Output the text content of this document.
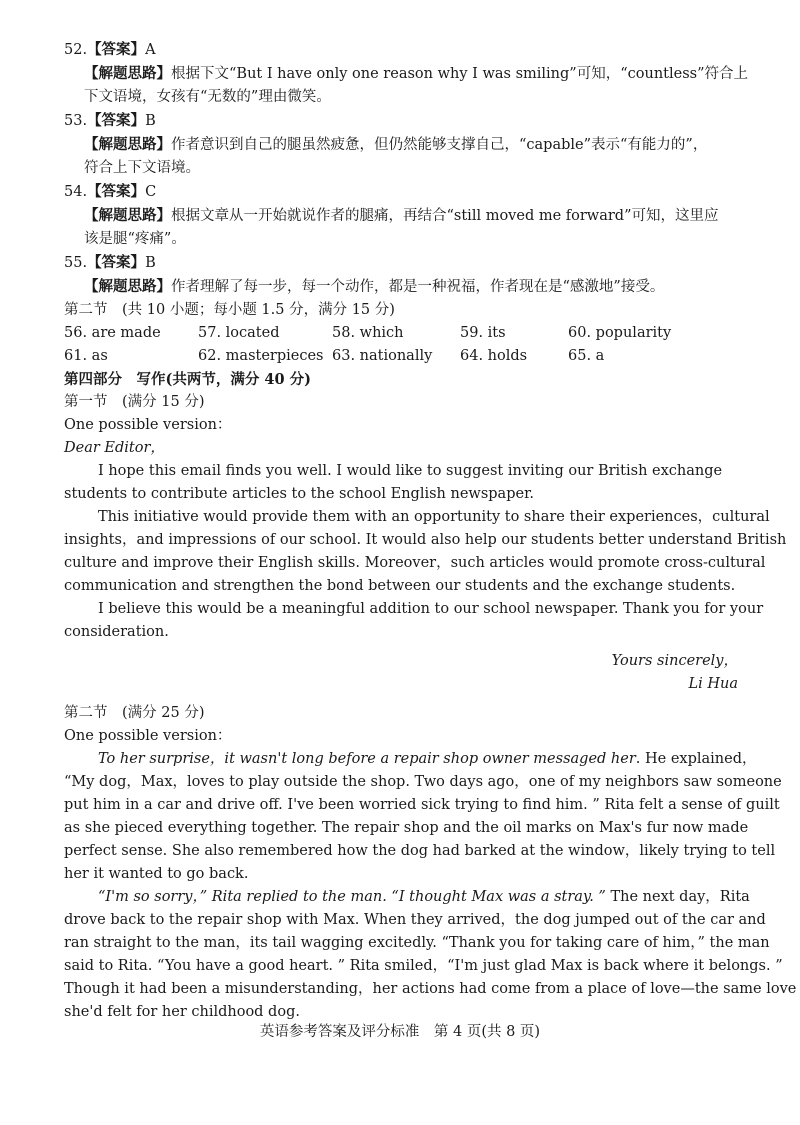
52.【答案】A
【解题思路】根据下文“But I have only one reason why I was smiling”可知，“countless”符合上
下文语境，女孩有“无数的”理由微笑。
53.【答案】B
【解题思路】作者意识到自己的腿虽然疲惫，但仍然能够支撑自己，“capable”表示“有能力的”，
符合上下文语境。
54.【答案】C
【解题思路】根据文章从一开始就说作者的腿痛，再结合“still moved me forward”可知，这里应
该是腿“疼痛”。
55.【答案】B
【解题思路】作者理解了每一步，每一个动作，都是一种祝福，作者现在是“感激地”接受。
第二节　(共 10 小题；每小题 1.5 分，满分 15 分)
56. are made	57. located	58. which	59. its	60. popularity
61. as	62. masterpieces 63. nationally	64. holds	65. a
第四部分　写作(共两节，满分 40 分)
第一节　(满分 15 分)
One possible version：
Dear Editor，
I hope this email finds you well. I would like to suggest inviting our British exchange
students to contribute articles to the school English newspaper.
This initiative would provide them with an opportunity to share their experiences，cultural
insights，and impressions of our school. It would also help our students better understand British
culture and improve their English skills. Moreover，such articles would promote cross-cultural
communication and strengthen the bond between our students and the exchange students.
I believe this would be a meaningful addition to our school newspaper. Thank you for your
consideration.
Yours sincerely，
Li Hua
第二节　(满分 25 分)
One possible version：
To her surprise，it wasn't long before a repair shop owner messaged her. He explained，
“My dog，Max，loves to play outside the shop. Two days ago，one of my neighbors saw someone
put him in a car and drive off. I've been worried sick trying to find him. ” Rita felt a sense of guilt
as she pieced everything together. The repair shop and the oil marks on Max's fur now made
perfect sense. She also remembered how the dog had barked at the window，likely trying to tell
her it wanted to go back.
“I'm so sorry，” Rita replied to the man. “I thought Max was a stray. ” The next day，Rita
drove back to the repair shop with Max. When they arrived，the dog jumped out of the car and
ran straight to the man，its tail wagging excitedly. “Thank you for taking care of him，” the man
said to Rita. “You have a good heart. ” Rita smiled，“I'm just glad Max is back where it belongs. ”
Though it had been a misunderstanding，her actions had come from a place of love—the same love
she'd felt for her childhood dog.
英语参考答案及评分标准　第 4 页(共 8 页)
